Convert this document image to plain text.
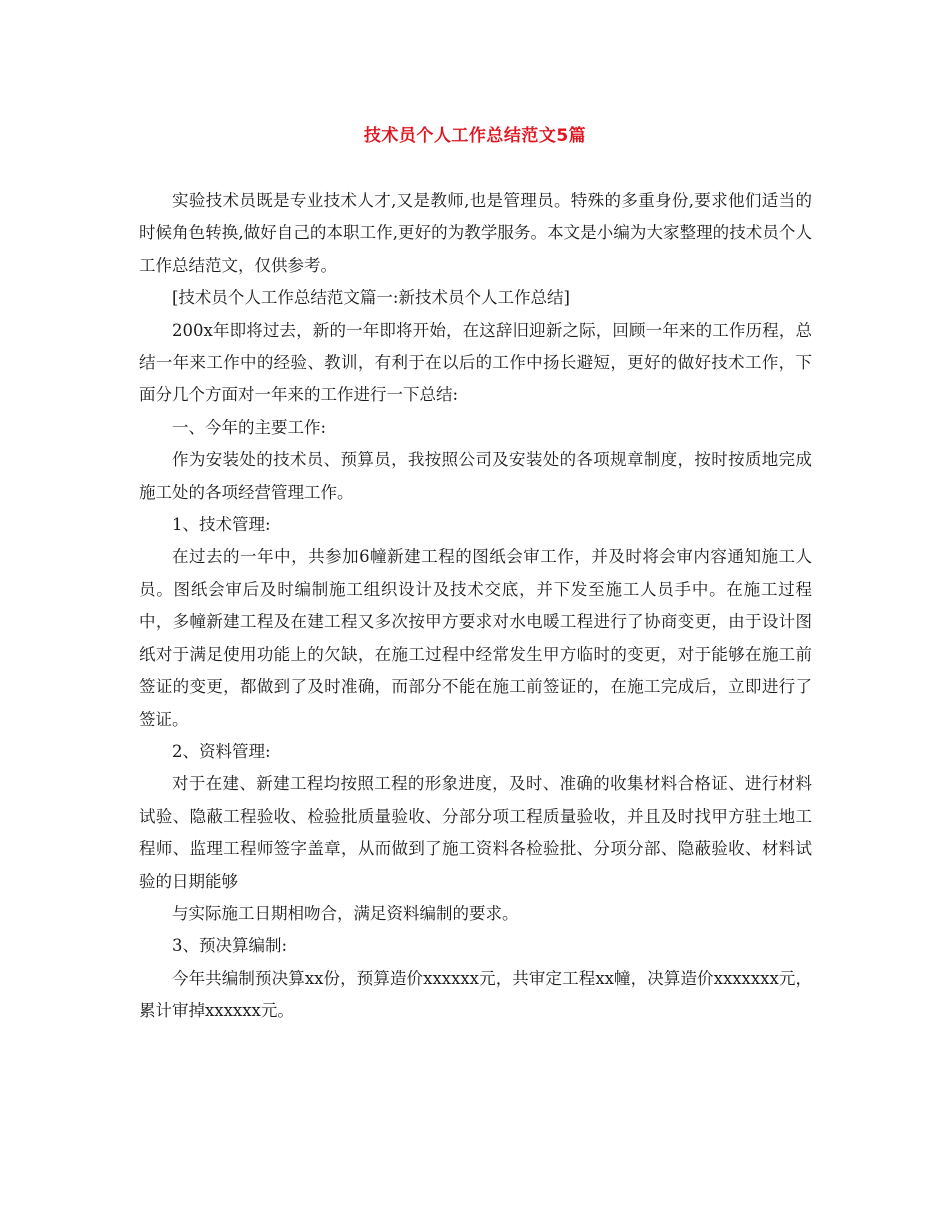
技术员个人工作总结范文5篇

实验技术员既是专业技术人才,又是教师,也是管理员。特殊的多重身份,要求他们适当的时候角色转换,做好自己的本职工作,更好的为教学服务。本文是小编为大家整理的技术员个人工作总结范文，仅供参考。

[技术员个人工作总结范文篇一:新技术员个人工作总结]

200x年即将过去，新的一年即将开始，在这辞旧迎新之际，回顾一年来的工作历程，总结一年来工作中的经验、教训，有利于在以后的工作中扬长避短，更好的做好技术工作，下面分几个方面对一年来的工作进行一下总结:

一、今年的主要工作:

作为安装处的技术员、预算员，我按照公司及安装处的各项规章制度，按时按质地完成施工处的各项经营管理工作。

1、技术管理:

在过去的一年中，共参加6幢新建工程的图纸会审工作，并及时将会审内容通知施工人员。图纸会审后及时编制施工组织设计及技术交底，并下发至施工人员手中。在施工过程中，多幢新建工程及在建工程又多次按甲方要求对水电暖工程进行了协商变更，由于设计图纸对于满足使用功能上的欠缺，在施工过程中经常发生甲方临时的变更，对于能够在施工前签证的变更，都做到了及时准确，而部分不能在施工前签证的，在施工完成后，立即进行了签证。

2、资料管理:

对于在建、新建工程均按照工程的形象进度，及时、准确的收集材料合格证、进行材料试验、隐蔽工程验收、检验批质量验收、分部分项工程质量验收，并且及时找甲方驻土地工程师、监理工程师签字盖章，从而做到了施工资料各检验批、分项分部、隐蔽验收、材料试验的日期能够

与实际施工日期相吻合，满足资料编制的要求。

3、预决算编制:

今年共编制预决算xx份，预算造价xxxxxx元，共审定工程xx幢，决算造价xxxxxxx元，累计审掉xxxxxx元。
